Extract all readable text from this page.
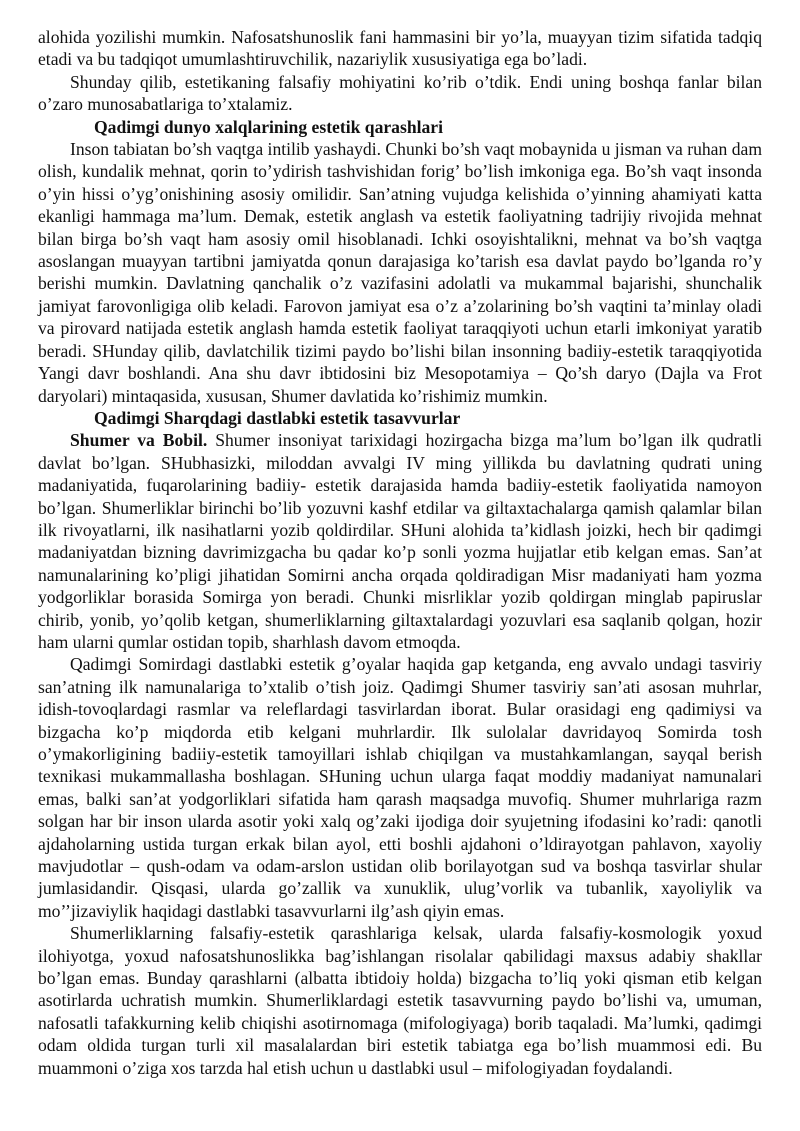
alohida yozilishi mumkin. Nafosatshunoslik fani hammasini bir yo’la, muayyan tizim sifatida tadqiq etadi va bu tadqiqot umumlashtiruvchilik, nazariylik xususiyatiga ega bo’ladi.

Shunday qilib, estetikaning falsafiy mohiyatini ko’rib o’tdik. Endi uning boshqa fanlar bilan o’zaro munosabatlariga to’xtalamiz.

Qadimgi dunyo xalqlarining estetik qarashlari

Inson tabiatan bo’sh vaqtga intilib yashaydi. Chunki bo’sh vaqt mobaynida u jisman va ruhan dam olish, kundalik mehnat, qorin to’ydirish tashvishidan forig’ bo’lish imkoniga ega. Bo’sh vaqt insonda o’yin hissi o’yg’onishining asosiy omilidir. San’atning vujudga kelishida o’yinning ahamiyati katta ekanligi hammaga ma’lum. Demak, estetik anglash va estetik faoliyatning tadrijiy rivojida mehnat bilan birga bo’sh vaqt ham asosiy omil hisoblanadi. Ichki osoyishtalikni, mehnat va bo’sh vaqtga asoslangan muayyan tartibni jamiyatda qonun darajasiga ko’tarish esa davlat paydo bo’lganda ro’y berishi mumkin. Davlatning qanchalik o’z vazifasini adolatli va mukammal bajarishi, shunchalik jamiyat farovonligiga olib keladi. Farovon jamiyat esa o’z a’zolarining bo’sh vaqtini ta’minlay oladi va pirovard natijada estetik anglash hamda estetik faoliyat taraqqiyoti uchun etarli imkoniyat yaratib beradi. SHunday qilib, davlatchilik tizimi paydo bo’lishi bilan insonning badiiy-estetik taraqqiyotida Yangi davr boshlandi. Ana shu davr ibtidosini biz Mesopotamiya – Qo’sh daryo (Dajla va Frot daryolari) mintaqasida, xususan, Shumer davlatida ko’rishimiz mumkin.

Qadimgi Sharqdagi dastlabki estetik tasavvurlar

Shumer va Bobil. Shumer insoniyat tarixidagi hozirgacha bizga ma’lum bo’lgan ilk qudratli davlat bo’lgan. SHubhasizki, miloddan avvalgi IV ming yillikda bu davlatning qudrati uning madaniyatida, fuqarolarining badiiy- estetik darajasida hamda badiiy-estetik faoliyatida namoyon bo’lgan. Shumerliklar birinchi bo’lib yozuvni kashf etdilar va giltaxtachalarga qamish qalamlar bilan ilk rivoyatlarni, ilk nasihatlarni yozib qoldirdilar. SHuni alohida ta’kidlash joizki, hech bir qadimgi madaniyatdan bizning davrimizgacha bu qadar ko’p sonli yozma hujjatlar etib kelgan emas. San’at namunalarining ko’pligi jihatidan Somirni ancha orqada qoldiradigan Misr madaniyati ham yozma yodgorliklar borasida Somirga yon beradi. Chunki misrliklar yozib qoldirgan minglab papiruslar chirib, yonib, yo’qolib ketgan, shumerliklarning giltaxtalardagi yozuvlari esa saqlanib qolgan, hozir ham ularni qumlar ostidan topib, sharhlash davom etmoqda.

Qadimgi Somirdagi dastlabki estetik g’oyalar haqida gap ketganda, eng avvalo undagi tasviriy san’atning ilk namunalariga to’xtalib o’tish joiz. Qadimgi Shumer tasviriy san’ati asosan muhrlar, idish-tovoqlardagi rasmlar va releflardagi tasvirlardan iborat. Bular orasidagi eng qadimiysi va bizgacha ko’p miqdorda etib kelgani muhrlardir. Ilk sulolalar davridayoq Somirda tosh o’ymakorligining badiiy-estetik tamoyillari ishlab chiqilgan va mustahkamlangan, sayqal berish texnikasi mukammallasha boshlagan. SHuning uchun ularga faqat moddiy madaniyat namunalari emas, balki san’at yodgorliklari sifatida ham qarash maqsadga muvofiq. Shumer muhrlariga razm solgan har bir inson ularda asotir yoki xalq og’zaki ijodiga doir syujetning ifodasini ko’radi: qanotli ajdaholarning ustida turgan erkak bilan ayol, etti boshli ajdahoni o’ldirayotgan pahlavon, xayoliy mavjudotlar – qush-odam va odam-arslon ustidan olib borilayotgan sud va boshqa tasvirlar shular jumlasidandir. Qisqasi, ularda go’zallik va xunuklik, ulug’vorlik va tubanlik, xayoliylik va mo’’jizaviylik haqidagi dastlabki tasavvurlarni ilg’ash qiyin emas.

Shumerliklarning falsafiy-estetik qarashlariga kelsak, ularda falsafiy-kosmologik yoxud ilohiyotga, yoxud nafosatshunoslikka bag’ishlangan risolalar qabilidagi maxsus adabiy shakllar bo’lgan emas. Bunday qarashlarni (albatta ibtidoiy holda) bizgacha to’liq yoki qisman etib kelgan asotirlarda uchratish mumkin. Shumerliklardagi estetik tasavvurning paydo bo’lishi va, umuman, nafosatli tafakkurning kelib chiqishi asotirnomaga (mifologiyaga) borib taqaladi. Ma’lumki, qadimgi odam oldida turgan turli xil masalalardan biri estetik tabiatga ega bo’lish muammosi edi. Bu muammoni o’ziga xos tarzda hal etish uchun u dastlabki usul – mifologiyadan foydalandi.
